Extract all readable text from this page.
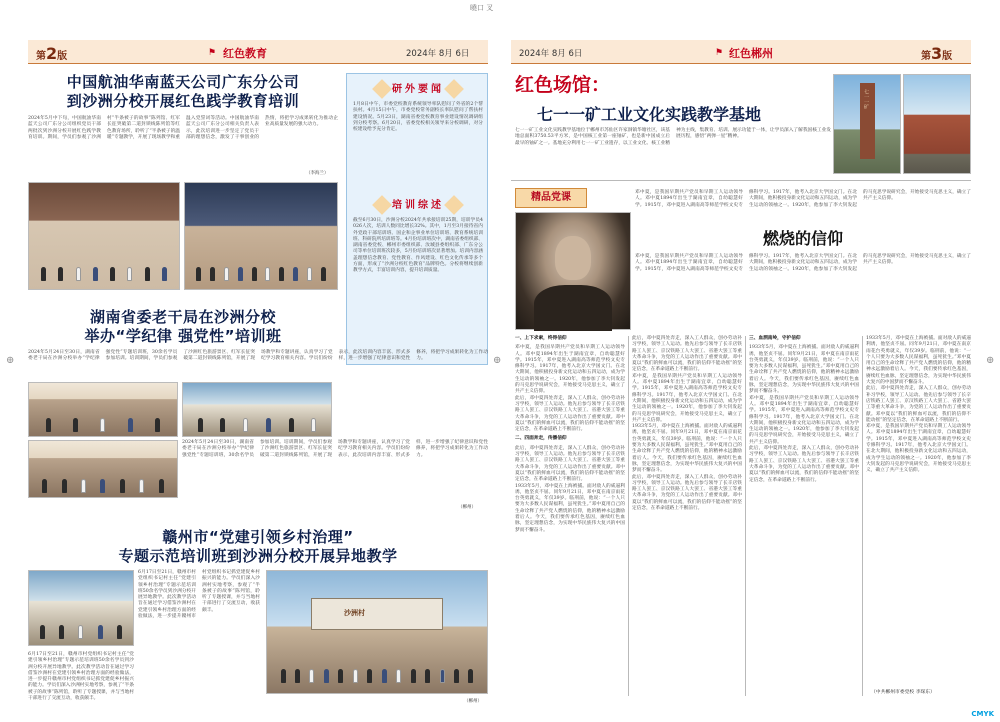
曉口 叉
⊕	⊕	⊕
第2版	⚑ 红色教育	2024年 8月 6日
中国航油华南蓝天公司广东分公司
到沙洲分校开展红色践学教育培训
2024年5月中下旬，中国航油华南蓝天公司广东分公司组织党员干部两批次到沙洲分校开展红色践学教育培训。期间，学员们参观了沙洲村“半条被子的故事”陈列馆、红军长征突破第二道封锁线陈列馆等红色教育场所，聆听了“半条被子的温暖”专题教学，开展了现场教学和重温入党誓词等活动。中国航油华南蓝天公司广东分公司相关负责人表示，此次培训进一步坚定了党员干部的理想信念，激发了干事创业的热情，将把学习成果转化为推动企业高质量发展的强大动力。
（李海兰）
研外要闻
1月8日中午，市委党校教育系统领导率队慰问了外省的2个帮扶村。4月15日中午，市委党校常务副校长率队慰问了帮扶村建设情况。5月23日，湖南省委党校教育事业建设情况调研组到分校考察。6月20日，省委党校相关领导来分校调研，对分校建设给予充分肯定。
培训综述
截至6月30日，沙洲分校2024年共承接培训25期，培训学员4026人次，培训人数同比增长32%。其中，1月至3月接待省内外党政干部培训班、国企和企事业单位培训班、教育系统培训班、科研院所培训班等。4月份培训班次中，湖南省委组织部、湖南省委党校、郴州市委组织部、汝城县委组织部、广东分公司等单位培训班次较多，5月份培训班次显著增加。培训内容涵盖理想信念教育、党性教育、作风建设、红色文化传承等多个方面，形成了“沙洲分校红色教育”品牌特色。分校将继续创新教学方式，丰富培训内容，提升培训质量。
湖南省委老干局在沙洲分校
举办“学纪律 强党性”培训班
2024年5月24日至30日，湖南省委老干局在沙洲分校举办“学纪律 强党性”专题培训班，30余名学员参加培训。培训期间，学员们参观了沙洲红色旅游景区、红军长征突破第二道封锁线陈列馆，开展了现场教学和专题讲座，认真学习了党纪学习教育相关内容。学员们纷纷表示，此次培训内容丰富、形式多样，进一步增强了纪律意识和党性修养，将把学习成果转化为工作动力。
2024年5月24日至30日，湖南省委老干局在沙洲分校举办“学纪律 强党性”专题培训班，30余名学员参加培训。培训期间，学员们参观了沙洲红色旅游景区、红军长征突破第二道封锁线陈列馆，开展了现场教学和专题讲座，认真学习了党纪学习教育相关内容。学员们纷纷表示，此次培训内容丰富、形式多样，进一步增强了纪律意识和党性修养，将把学习成果转化为工作动力。
（郴州）
赣州市“党建引领乡村治理”
专题示范培训班到沙洲分校开展异地教学
6月17日至21日，赣州市村党组织书记村主任“党建引领乡村治理”专题示范培训班50余名学员到沙洲分校开展异地教学。此次教学活动旨在通过学习借鉴沙洲村在党建引领乡村治理方面的经验做法，进一步提升赣州市村党组织书记抓党建促乡村振兴的能力。学员们深入沙洲村实地考察，参观了“半条被子的故事”陈列馆，聆听了专题授课，并与当地村干部进行了交流互动，收获颇丰。	沙洲村
6月17日至21日，赣州市村党组织书记村主任“党建引领乡村治理”专题示范培训班50余名学员到沙洲分校开展异地教学。此次教学活动旨在通过学习借鉴沙洲村在党建引领乡村治理方面的经验做法，进一步提升赣州市村党组织书记抓党建促乡村振兴的能力。学员们深入沙洲村实地考察，参观了“半条被子的故事”陈列馆，聆听了专题授课，并与当地村干部进行了交流互动，收获颇丰。
（郴州）
2024年 8月 6日	⚑ 红色郴州	第3版
红色场馆：
七一一矿工业文化实践教学基地
七一一矿工业文化实践教学基地位于郴州市苏仙区许家洞镇华塘社区，该基地总面积3750.53平方米，是中国核工业第一座铀矿，也是新中国成立后最早的铀矿之一。基地充分利用七一一矿工业遗存，以工业文化、核工业精神为主线，集教育、培训、展示功能于一体，让学员深入了解我国核工业发展历程，感悟“两弹一星”精神。
七一一矿
精品党课
燃烧的信仰
邓中夏，是我国早期共产党员和早期工人运动领导人。邓中夏1894年出生于湖南宜章，自幼聪慧好学。1915年，邓中夏进入湖南高等师范学校文史专修科学习。1917年，他考入北京大学国文门。在北大期间，他积极投身新文化运动和五四运动，成为学生运动的领袖之一。1920年，他参加了李大钊发起的马克思学说研究会，开始接受马克思主义，确立了共产主义信仰。
邓中夏，是我国早期共产党员和早期工人运动领导人。邓中夏1894年出生于湖南宜章，自幼聪慧好学。1915年，邓中夏进入湖南高等师范学校文史专修科学习。1917年，他考入北京大学国文门。在北大期间，他积极投身新文化运动和五四运动，成为学生运动的领袖之一。1920年，他参加了李大钊发起的马克思学说研究会，开始接受马克思主义，确立了共产主义信仰。
一、上下求索，终得信仰
邓中夏，是我国早期共产党员和早期工人运动领导人。邓中夏1894年出生于湖南宜章，自幼聪慧好学。1915年，邓中夏进入湖南高等师范学校文史专修科学习。1917年，他考入北京大学国文门。在北大期间，他积极投身新文化运动和五四运动，成为学生运动的领袖之一。1920年，他参加了李大钊发起的马克思学说研究会，开始接受马克思主义，确立了共产主义信仰。
此后，邓中夏四处奔走，深入工人群众，创办劳动补习学校，领导工人运动。他先后参与领导了长辛店铁路工人罢工、京汉铁路工人大罢工、省港大罢工等重大革命斗争，为党的工人运动作出了重要贡献。邓中夏以“我们的鲜血可以流，我们的信仰不能动摇”的坚定信念，在革命道路上不断前行。
二、四面奔走，传播信仰
此后，邓中夏四处奔走，深入工人群众，创办劳动补习学校，领导工人运动。他先后参与领导了长辛店铁路工人罢工、京汉铁路工人大罢工、省港大罢工等重大革命斗争，为党的工人运动作出了重要贡献。邓中夏以“我们的鲜血可以流，我们的信仰不能动摇”的坚定信念，在革命道路上不断前行。
1933年5月，邓中夏在上海被捕。面对敌人的威逼利诱，他坚贞不屈。同年9月21日，邓中夏在南京雨花台英勇就义，年仅39岁。临刑前，他说：“一个人只要为大多数人民谋福利，虽死犹生。”邓中夏用自己的生命诠释了共产党人燃烧的信仰，他的精神永远激励着后人。今天，我们要传承红色基因，赓续红色血脉，坚定理想信念，为实现中华民族伟大复兴的中国梦而不懈奋斗。
此后，邓中夏四处奔走，深入工人群众，创办劳动补习学校，领导工人运动。他先后参与领导了长辛店铁路工人罢工、京汉铁路工人大罢工、省港大罢工等重大革命斗争，为党的工人运动作出了重要贡献。邓中夏以“我们的鲜血可以流，我们的信仰不能动摇”的坚定信念，在革命道路上不断前行。
邓中夏，是我国早期共产党员和早期工人运动领导人。邓中夏1894年出生于湖南宜章，自幼聪慧好学。1915年，邓中夏进入湖南高等师范学校文史专修科学习。1917年，他考入北京大学国文门。在北大期间，他积极投身新文化运动和五四运动，成为学生运动的领袖之一。1920年，他参加了李大钊发起的马克思学说研究会，开始接受马克思主义，确立了共产主义信仰。
1933年5月，邓中夏在上海被捕。面对敌人的威逼利诱，他坚贞不屈。同年9月21日，邓中夏在南京雨花台英勇就义，年仅39岁。临刑前，他说：“一个人只要为大多数人民谋福利，虽死犹生。”邓中夏用自己的生命诠释了共产党人燃烧的信仰，他的精神永远激励着后人。今天，我们要传承红色基因，赓续红色血脉，坚定理想信念，为实现中华民族伟大复兴的中国梦而不懈奋斗。
此后，邓中夏四处奔走，深入工人群众，创办劳动补习学校，领导工人运动。他先后参与领导了长辛店铁路工人罢工、京汉铁路工人大罢工、省港大罢工等重大革命斗争，为党的工人运动作出了重要贡献。邓中夏以“我们的鲜血可以流，我们的信仰不能动摇”的坚定信念，在革命道路上不断前行。
三、血洒南岭，守护信仰
1933年5月，邓中夏在上海被捕。面对敌人的威逼利诱，他坚贞不屈。同年9月21日，邓中夏在南京雨花台英勇就义，年仅39岁。临刑前，他说：“一个人只要为大多数人民谋福利，虽死犹生。”邓中夏用自己的生命诠释了共产党人燃烧的信仰，他的精神永远激励着后人。今天，我们要传承红色基因，赓续红色血脉，坚定理想信念，为实现中华民族伟大复兴的中国梦而不懈奋斗。
邓中夏，是我国早期共产党员和早期工人运动领导人。邓中夏1894年出生于湖南宜章，自幼聪慧好学。1915年，邓中夏进入湖南高等师范学校文史专修科学习。1917年，他考入北京大学国文门。在北大期间，他积极投身新文化运动和五四运动，成为学生运动的领袖之一。1920年，他参加了李大钊发起的马克思学说研究会，开始接受马克思主义，确立了共产主义信仰。
此后，邓中夏四处奔走，深入工人群众，创办劳动补习学校，领导工人运动。他先后参与领导了长辛店铁路工人罢工、京汉铁路工人大罢工、省港大罢工等重大革命斗争，为党的工人运动作出了重要贡献。邓中夏以“我们的鲜血可以流，我们的信仰不能动摇”的坚定信念，在革命道路上不断前行。
1933年5月，邓中夏在上海被捕。面对敌人的威逼利诱，他坚贞不屈。同年9月21日，邓中夏在南京雨花台英勇就义，年仅39岁。临刑前，他说：“一个人只要为大多数人民谋福利，虽死犹生。”邓中夏用自己的生命诠释了共产党人燃烧的信仰，他的精神永远激励着后人。今天，我们要传承红色基因，赓续红色血脉，坚定理想信念，为实现中华民族伟大复兴的中国梦而不懈奋斗。
此后，邓中夏四处奔走，深入工人群众，创办劳动补习学校，领导工人运动。他先后参与领导了长辛店铁路工人罢工、京汉铁路工人大罢工、省港大罢工等重大革命斗争，为党的工人运动作出了重要贡献。邓中夏以“我们的鲜血可以流，我们的信仰不能动摇”的坚定信念，在革命道路上不断前行。
邓中夏，是我国早期共产党员和早期工人运动领导人。邓中夏1894年出生于湖南宜章，自幼聪慧好学。1915年，邓中夏进入湖南高等师范学校文史专修科学习。1917年，他考入北京大学国文门。在北大期间，他积极投身新文化运动和五四运动，成为学生运动的领袖之一。1920年，他参加了李大钊发起的马克思学说研究会，开始接受马克思主义，确立了共产主义信仰。
（中共郴州市委党校 李琛东）
CMYK
